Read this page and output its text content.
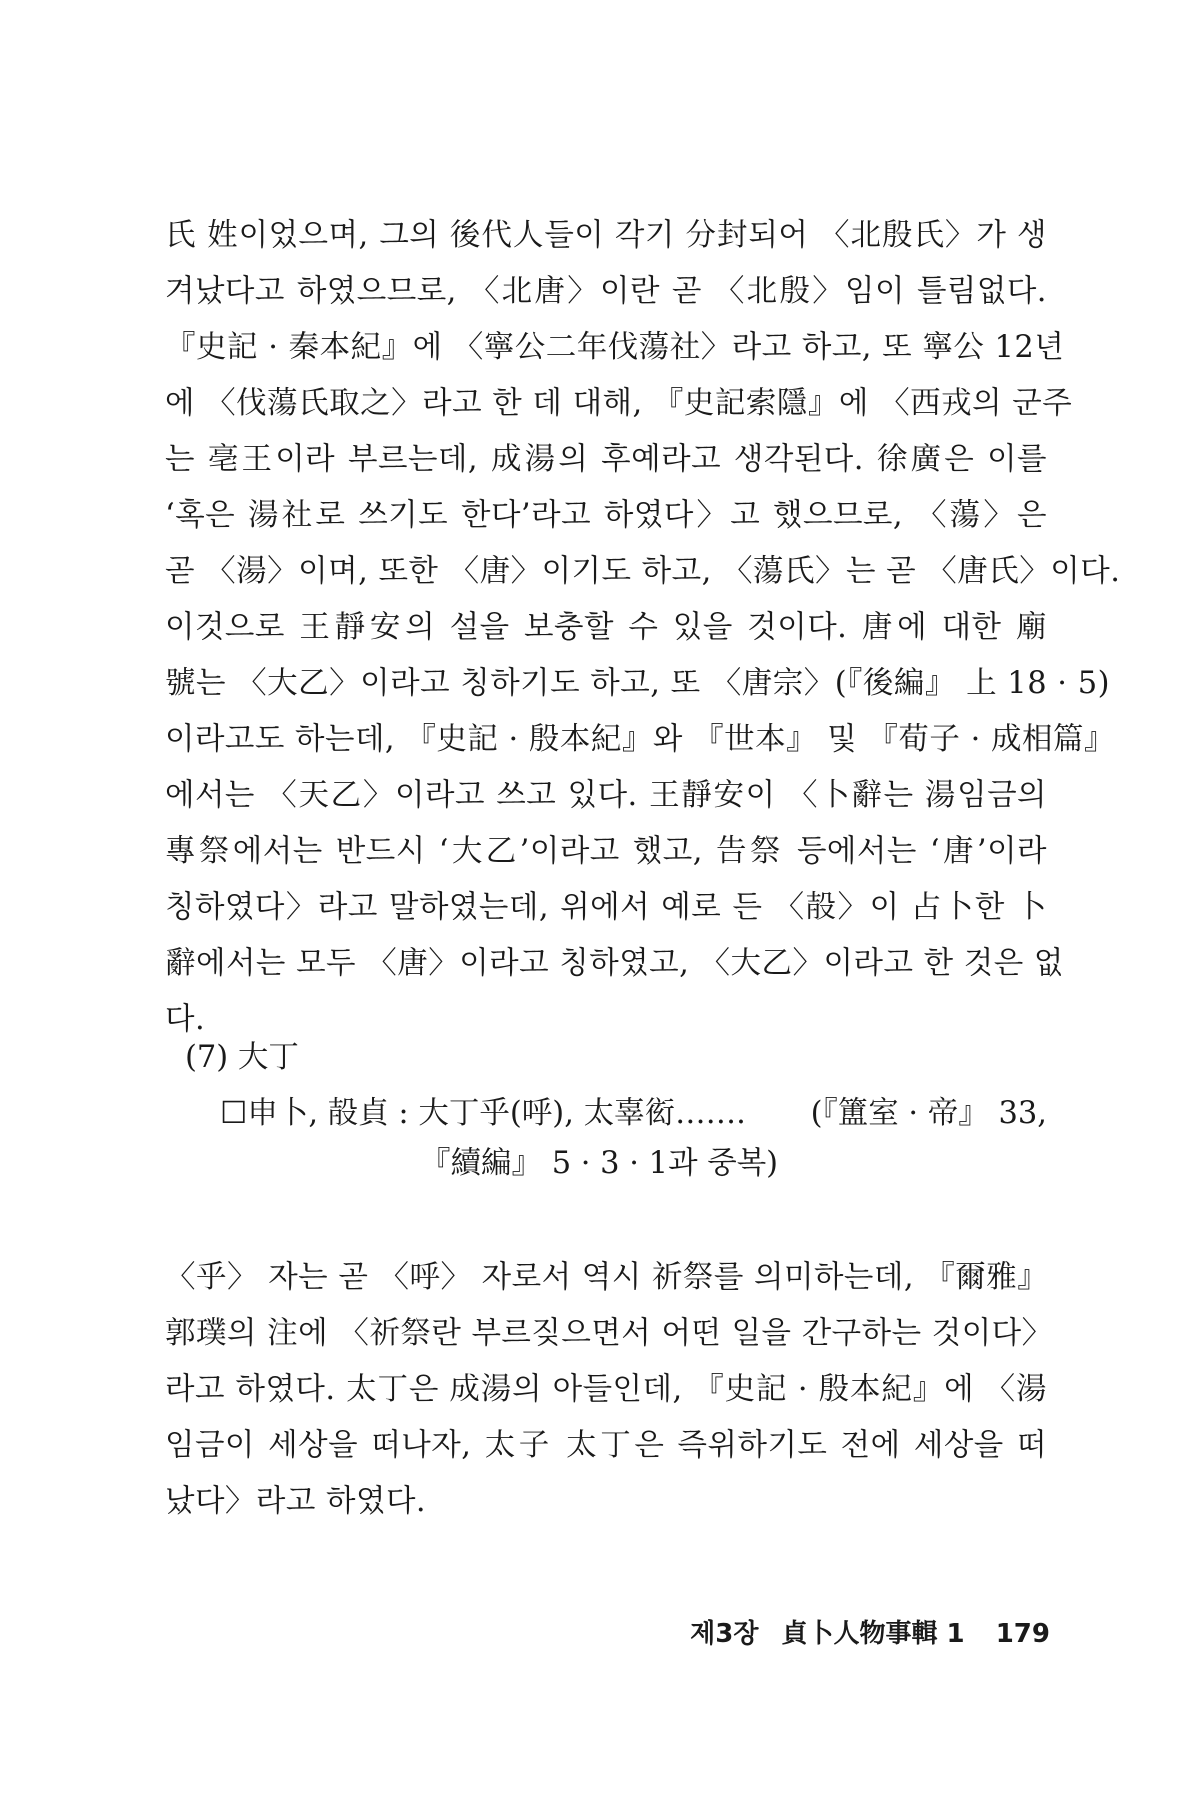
氏 姓이었으며, 그의 後代人들이 각기 分封되어 〈北殷氏〉가 생
겨났다고 하였으므로, 〈北唐〉이란 곧 〈北殷〉임이 틀림없다.
『史記 · 秦本紀』에 〈寧公二年伐蕩社〉라고 하고, 또 寧公 12년
에 〈伐蕩氏取之〉라고 한 데 대해, 『史記索隱』에 〈西戎의 군주
는 亳王이라 부르는데, 成湯의 후예라고 생각된다. 徐廣은 이를
‘혹은 湯社로 쓰기도 한다’라고 하였다〉고 했으므로, 〈蕩〉은
곧 〈湯〉이며, 또한 〈唐〉이기도 하고, 〈蕩氏〉는 곧 〈唐氏〉이다.
이것으로 王靜安의 설을 보충할 수 있을 것이다. 唐에 대한 廟
號는 〈大乙〉이라고 칭하기도 하고, 또 〈唐宗〉(『後編』 上 18 · 5)
이라고도 하는데, 『史記 · 殷本紀』와 『世本』 및 『荀子 · 成相篇』
에서는 〈天乙〉이라고 쓰고 있다. 王靜安이 〈卜辭는 湯임금의
專祭에서는 반드시 ‘大乙’이라고 했고, 告祭 등에서는 ‘唐’이라
칭하였다〉라고 말하였는데, 위에서 예로 든 〈㱿〉이 占卜한 卜
辭에서는 모두 〈唐〉이라고 칭하였고, 〈大乙〉이라고 한 것은 없
다.
(7) 大丁
☐申卜, 㱿貞 : 大丁乎(呼), 太辜衒……. (『簠室 · 帝』 33,
『續編』 5 · 3 · 1과 중복)
〈乎〉 자는 곧 〈呼〉 자로서 역시 祈祭를 의미하는데, 『爾雅』
郭璞의 注에 〈祈祭란 부르짖으면서 어떤 일을 간구하는 것이다〉
라고 하였다. 太丁은 成湯의 아들인데, 『史記 · 殷本紀』에 〈湯
임금이 세상을 떠나자, 太子 太丁은 즉위하기도 전에 세상을 떠
났다〉라고 하였다.
제3장 貞卜人物事輯 1 179
